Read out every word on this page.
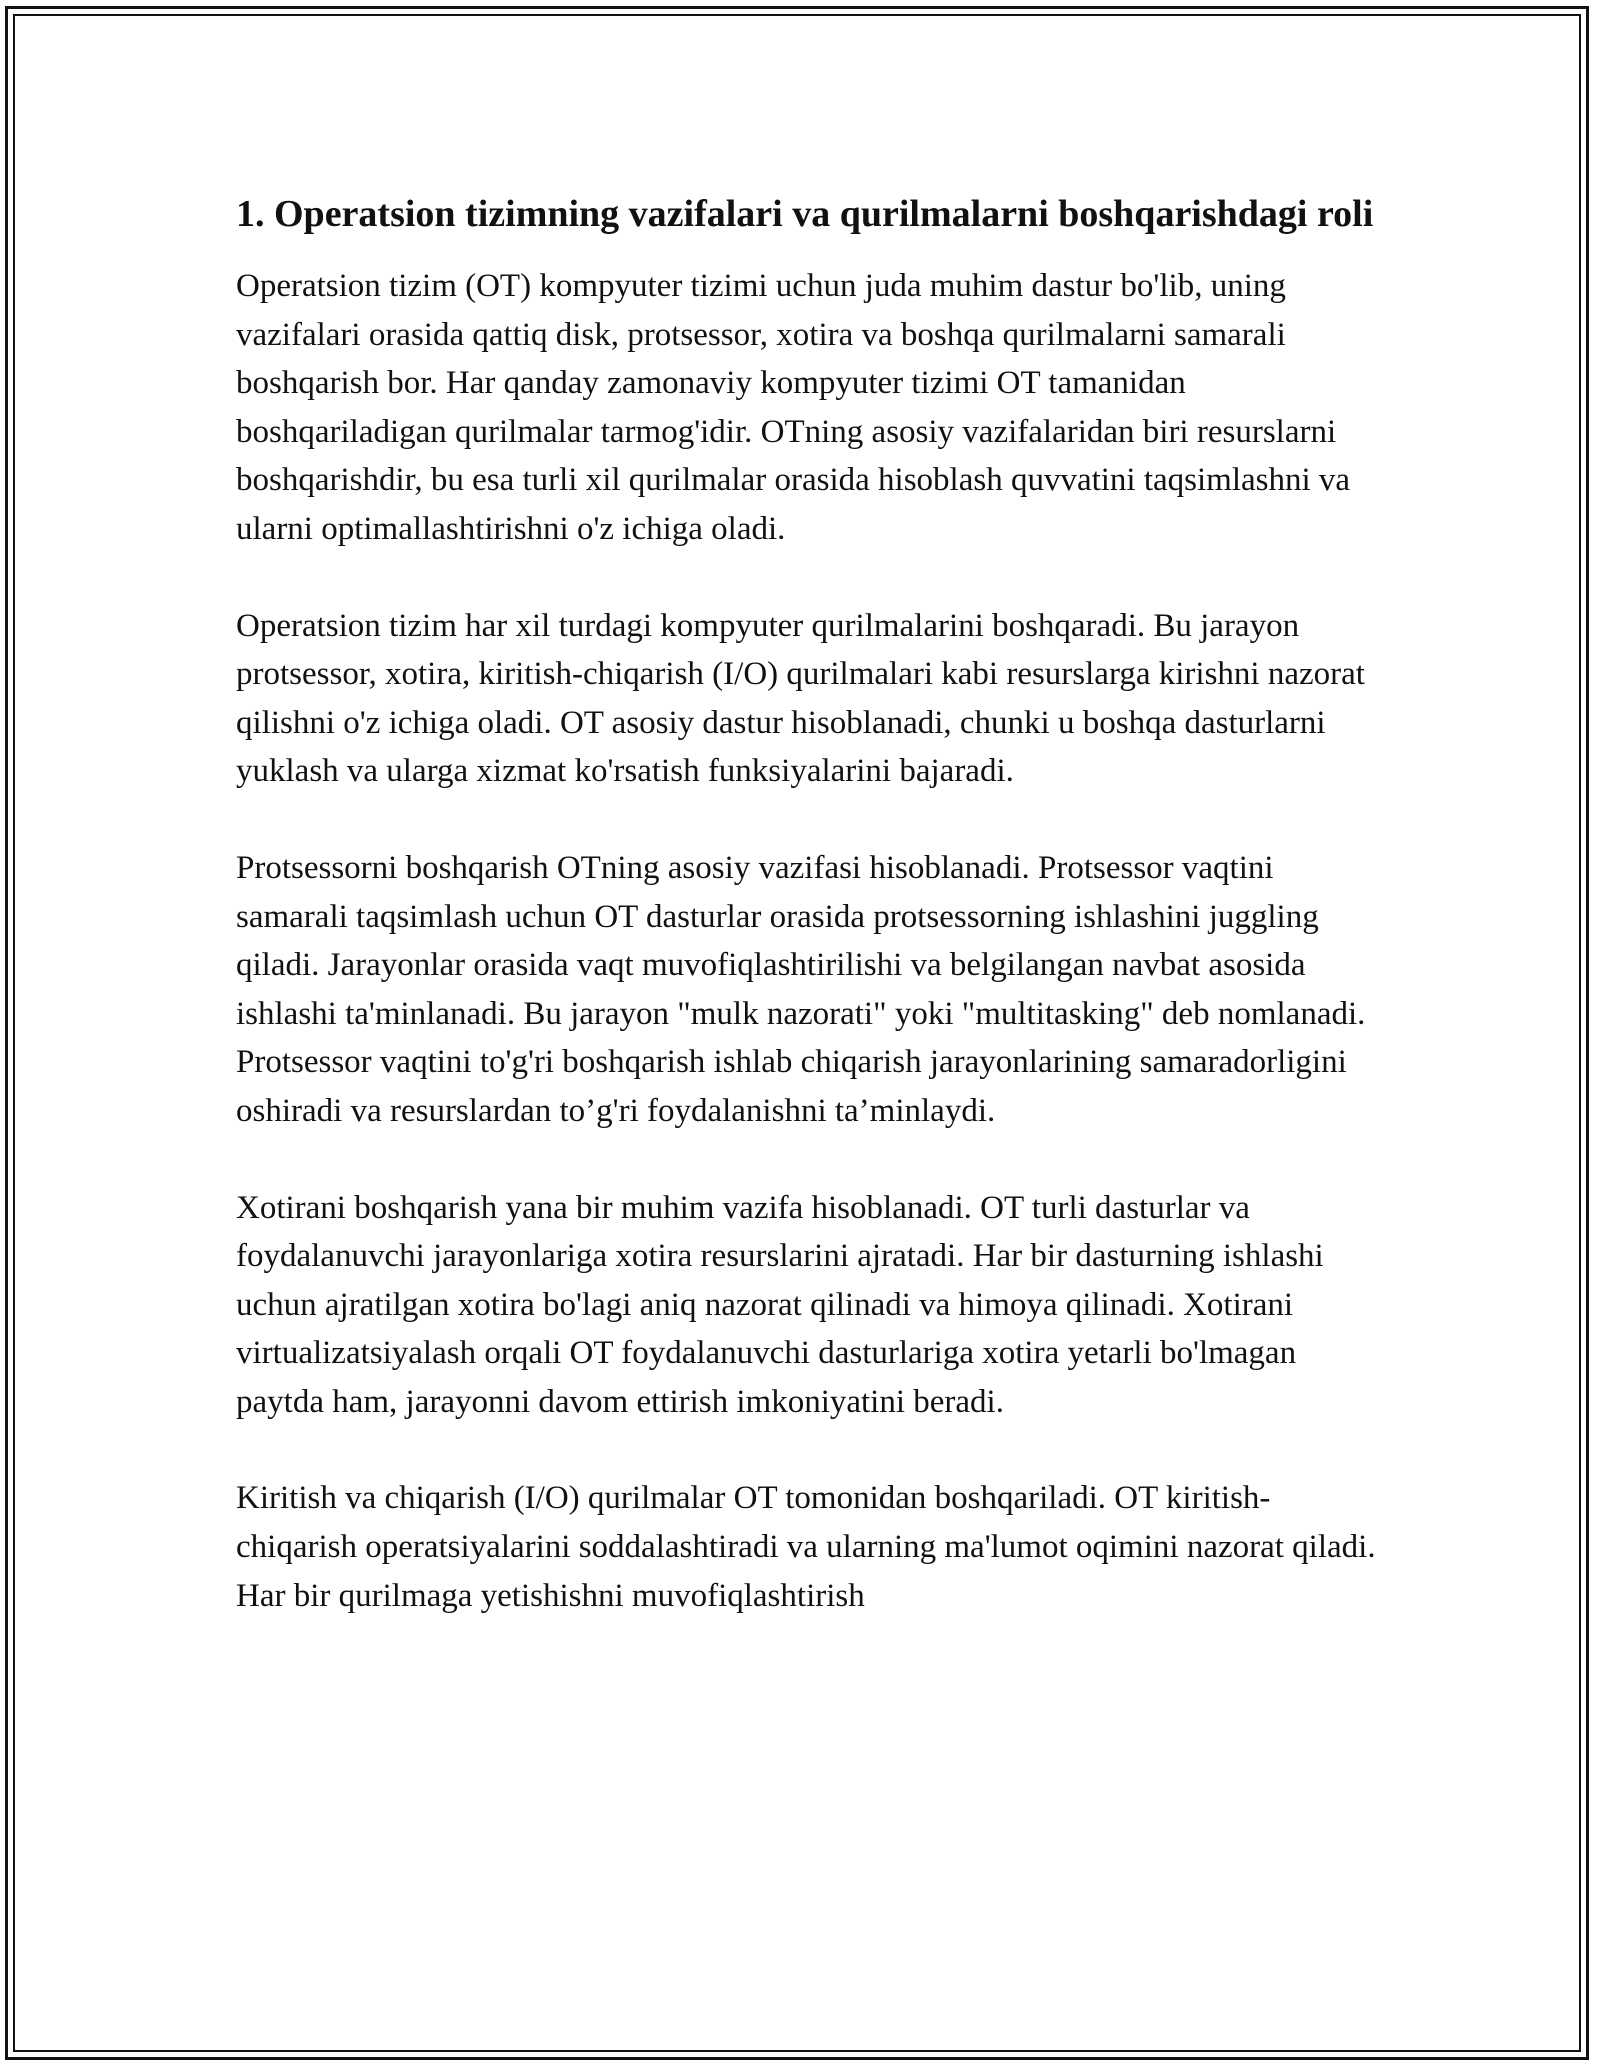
1. Operatsion tizimning vazifalari va qurilmalarni boshqarishdagi roli

Operatsion tizim (OT) kompyuter tizimi uchun juda muhim dastur bo'lib, uning vazifalari orasida qattiq disk, protsessor, xotira va boshqa qurilmalarni samarali boshqarish bor. Har qanday zamonaviy kompyuter tizimi OT tamanidan boshqariladigan qurilmalar tarmog'idir. OTning asosiy vazifalaridan biri resurslarni boshqarishdir, bu esa turli xil qurilmalar orasida hisoblash quvvatini taqsimlashni va ularni optimallashtirishni o'z ichiga oladi.

Operatsion tizim har xil turdagi kompyuter qurilmalarini boshqaradi. Bu jarayon protsessor, xotira, kiritish-chiqarish (I/O) qurilmalari kabi resurslarga kirishni nazorat qilishni o'z ichiga oladi. OT asosiy dastur hisoblanadi, chunki u boshqa dasturlarni yuklash va ularga xizmat ko'rsatish funksiyalarini bajaradi.

Protsessorni boshqarish OTning asosiy vazifasi hisoblanadi. Protsessor vaqtini samarali taqsimlash uchun OT dasturlar orasida protsessorning ishlashini juggling qiladi. Jarayonlar orasida vaqt muvofiqlashtirilishi va belgilangan navbat asosida ishlashi ta'minlanadi. Bu jarayon "mulk nazorati" yoki "multitasking" deb nomlanadi. Protsessor vaqtini to'g'ri boshqarish ishlab chiqarish jarayonlarining samaradorligini oshiradi va resurslardan to’g'ri foydalanishni ta’minlaydi.

Xotirani boshqarish yana bir muhim vazifa hisoblanadi. OT turli dasturlar va foydalanuvchi jarayonlariga xotira resurslarini ajratadi. Har bir dasturning ishlashi uchun ajratilgan xotira bo'lagi aniq nazorat qilinadi va himoya qilinadi. Xotirani virtualizatsiyalash orqali OT foydalanuvchi dasturlariga xotira yetarli bo'lmagan paytda ham, jarayonni davom ettirish imkoniyatini beradi.

Kiritish va chiqarish (I/O) qurilmalar OT tomonidan boshqariladi. OT kiritish-chiqarish operatsiyalarini soddalashtiradi va ularning ma'lumot oqimini nazorat qiladi. Har bir qurilmaga yetishishni muvofiqlashtirish
